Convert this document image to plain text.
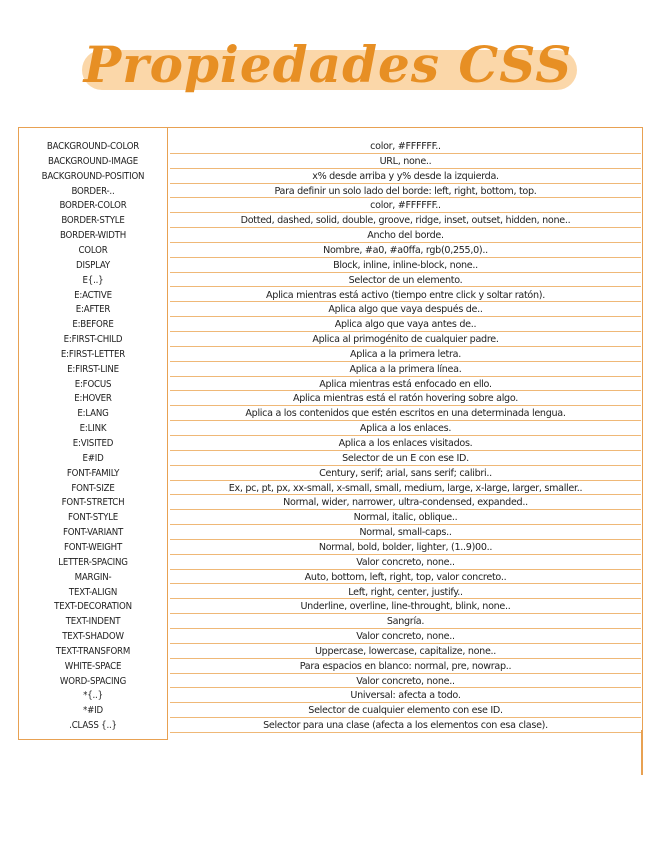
Propiedades CSS
BACKGROUND-COLOR	color, #FFFFFF..
BACKGROUND-IMAGE	URL, none..
BACKGROUND-POSITION	x% desde arriba y y% desde la izquierda.
BORDER-..	Para definir un solo lado del borde: left, right, bottom, top.
BORDER-COLOR	color, #FFFFFF..
BORDER-STYLE	Dotted, dashed, solid, double, groove, ridge, inset, outset, hidden, none..
BORDER-WIDTH	Ancho del borde.
COLOR	Nombre, #a0, #a0ffa, rgb(0,255,0)..
DISPLAY	Block, inline, inline-block, none..
E{..}	Selector de un elemento.
E:ACTIVE	Aplica mientras está activo (tiempo entre click y soltar ratón).
E:AFTER	Aplica algo que vaya después de..
E:BEFORE	Aplica algo que vaya antes de..
E:FIRST-CHILD	Aplica al primogénito de cualquier padre.
E:FIRST-LETTER	Aplica a la primera letra.
E:FIRST-LINE	Aplica a la primera línea.
E:FOCUS	Aplica mientras está enfocado en ello.
E:HOVER	Aplica mientras está el ratón hovering sobre algo.
E:LANG	Aplica a los contenidos que estén escritos en una determinada lengua.
E:LINK	Aplica a los enlaces.
E:VISITED	Aplica a los enlaces visitados.
E#ID	Selector de un E con ese ID.
FONT-FAMILY	Century, serif; arial, sans serif; calibri..
FONT-SIZE	Ex, pc, pt, px, xx-small, x-small, small, medium, large, x-large, larger, smaller..
FONT-STRETCH	Normal, wider, narrower, ultra-condensed, expanded..
FONT-STYLE	Normal, italic, oblique..
FONT-VARIANT	Normal, small-caps..
FONT-WEIGHT	Normal, bold, bolder, lighter, (1..9)00..
LETTER-SPACING	Valor concreto, none..
MARGIN-	Auto, bottom, left, right, top, valor concreto..
TEXT-ALIGN	Left, right, center, justify..
TEXT-DECORATION	Underline, overline, line-throught, blink, none..
TEXT-INDENT	Sangría.
TEXT-SHADOW	Valor concreto, none..
TEXT-TRANSFORM	Uppercase, lowercase, capitalize, none..
WHITE-SPACE	Para espacios en blanco: normal, pre, nowrap..
WORD-SPACING	Valor concreto, none..
*{..}	Universal: afecta a todo.
*#ID	Selector de cualquier elemento con ese ID.
.CLASS {..}	Selector para una clase (afecta a los elementos con esa clase).
